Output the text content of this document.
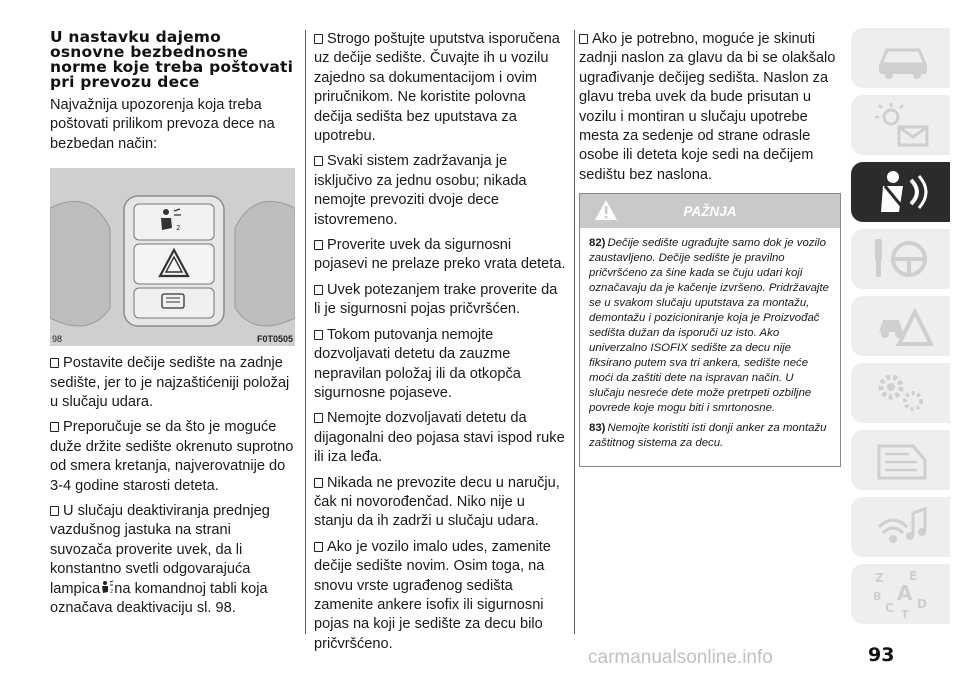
U nastavku dajemo osnovne bezbednosne norme koje treba poštovati pri prevozu dece

Najvažnija upozorenja koja treba poštovati prilikom prevoza dece na bezbedan način:

2
98	F0T0505

Postavite dečije sedište na zadnje sedište, jer to je najzaštićeniji položaj u slučaju udara.

Preporučuje se da što je moguće duže držite sedište okrenuto suprotno od smera kretanja, najverovatnije do 3-4 godine starosti deteta.

U slučaju deaktiviranja prednjeg vazdušnog jastuka na strani suvozača proverite uvek, da li konstantno svetli odgovarajuća lampica 2 na komandnoj tabli koja označava deaktivaciju sl. 98.

Strogo poštujte uputstva isporučena uz dečije sedište. Čuvajte ih u vozilu zajedno sa dokumentacijom i ovim priručnikom. Ne koristite polovna dečija sedišta bez uputstava za upotrebu.

Svaki sistem zadržavanja je isključivo za jednu osobu; nikada nemojte prevoziti dvoje dece istovremeno.

Proverite uvek da sigurnosni pojasevi ne prelaze preko vrata deteta.

Uvek potezanjem trake proverite da li je sigurnosni pojas pričvršćen.

Tokom putovanja nemojte dozvoljavati detetu da zauzme nepravilan položaj ili da otkopča sigurnosne pojaseve.

Nemojte dozvoljavati detetu da dijagonalni deo pojasa stavi ispod ruke ili iza leđa.

Nikada ne prevozite decu u naručju, čak ni novorođenčad. Niko nije u stanju da ih zadrži u slučaju udara.

Ako je vozilo imalo udes, zamenite dečije sedište novim. Osim toga, na snovu vrste ugrađenog sedišta zamenite ankere isofix ili sigurnosni pojas na koji je sedište za decu bilo pričvršćeno.

Ako je potrebno, moguće je skinuti zadnji naslon za glavu da bi se olakšalo ugrađivanje dečijeg sedišta. Naslon za glavu treba uvek da bude prisutan u vozilu i montiran u slučaju upotrebe mesta za sedenje od strane odrasle osobe ili deteta koje sedi na dečijem sedištu bez naslona.

PAŽNJA

82) Dečije sedište ugrađujte samo dok je vozilo zaustavljeno. Dečije sedište je pravilno pričvršćeno za šine kada se čuju udari koji označavaju da je kačenje izvršeno. Pridržavajte se u svakom slučaju uputstava za montažu, demontažu i pozicioniranje koja je Proizvođač sedišta dužan da isporuči uz isto. Ako univerzalno ISOFIX sedište za decu nije fiksirano putem sva tri ankera, sedište neće moći da zaštiti dete na ispravan način. U slučaju nesreće dete može pretrpeti ozbiljne povrede koje mogu biti i smrtonosne.

83) Nemojte koristiti isti donji anker za montažu zaštitnog sistema za decu.

Z E
B A
C D
T
carmanualsonline.info	93
